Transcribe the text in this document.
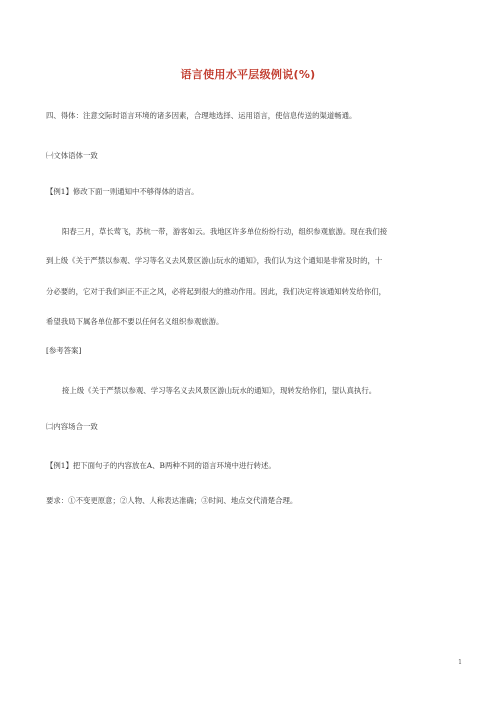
语言使用水平层级例说(%)
四、得体：注意交际时语言环境的诸多因素，合理地选择、运用语言，使信息传送的渠道畅通。
㈠文体语体一致
【例1】修改下面一则通知中不够得体的语言。
阳春三月，草长莺飞，苏杭一带，游客如云。我地区许多单位纷纷行动，组织参观旅游。现在我们接
到上级《关于严禁以参观、学习等名义去风景区游山玩水的通知》，我们认为这个通知是非常及时的，十
分必要的，它对于我们纠正不正之风，必将起到很大的推动作用。因此，我们决定将该通知转发给你们，
希望我局下属各单位都不要以任何名义组织参观旅游。
[参考答案]
接上级《关于严禁以参观、学习等名义去风景区游山玩水的通知》，现转发给你们，望认真执行。
㈡内容场合一致
【例1】把下面句子的内容放在A、B两种不同的语言环境中进行转述。
要求：①不变更原意；②人物、人称表达准确；③时间、地点交代清楚合理。
1
